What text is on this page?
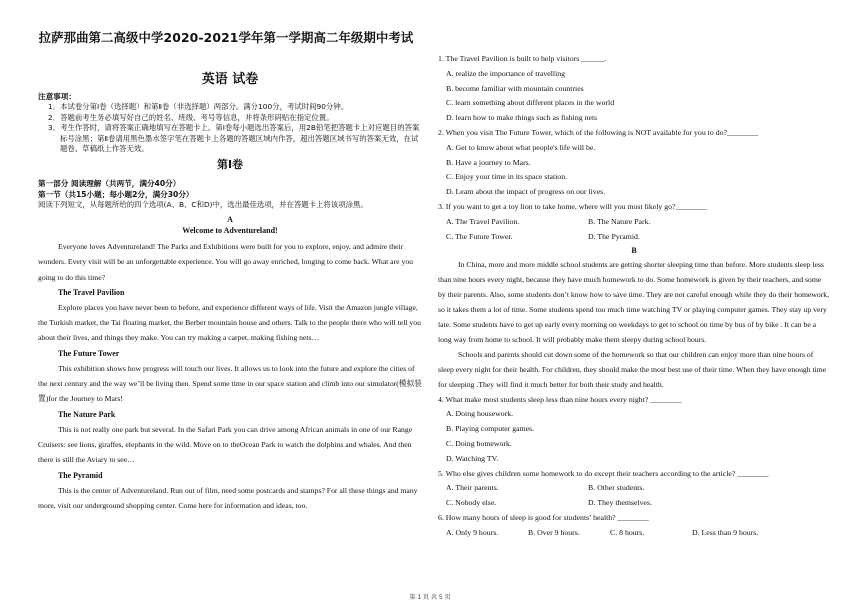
拉萨那曲第二高级中学2020-2021学年第一学期高二年级期中考试
英语 试卷

注意事项：

1．本试卷分第Ⅰ卷（选择题）和第Ⅱ卷（非选择题）两部分。满分100分，考试时间90分钟。

2．答题前考生务必填写好自己的姓名、班级、考号等信息，并将条形码贴在指定位置。

3．考生作答时，请将答案正确地填写在答题卡上。第Ⅰ卷每小题选出答案后，用2B铅笔把答题卡上对应题目的答案标号涂黑；第Ⅱ卷请用黑色墨水签字笔在答题卡上各题的答题区域内作答，超出答题区域书写的答案无效，在试题卷、草稿纸上作答无效。

第Ⅰ卷

第一部分 阅读理解（共两节，满分40分）

第一节（共15小题；每小题2分，满分30分）

阅读下列短文，从每题所给的四个选项(A、B、C和D)中，选出最佳选项，并在答题卡上将该项涂黑。

A

Welcome to Adventureland!

Everyone loves Adventureland! The Parks and Exhibitions were built for you to explore, enjoy, and admire their wonders. Every visit will be an unforgettable experience. You will go away enriched, longing to come back. What are you going to do this time?

The Travel Pavilion

Explore places you have never been to before, and experience different ways of life. Visit the Amazon jungle village, the Turkish market, the Tai floating market, the Berber mountain house and others. Talk to the people there who will tell you about their lives, and things they make. You can try making a carpet, making fishing nets…

The Future Tower

This exhibition shows how progress will touch our lives. It allows us to look into the future and explore the cities of the next century and the way we’ll be living then. Spend some time in our space station and climb into our simulator(模拟装置)for the Journey to Mars!

The Nature Park

This is not really one park but several. In the Safari Park you can drive among African animals in one of our Range Cruisers: see lions, giraffes, elephants in the wild. Move on to theOcean Park to watch the dolphins and whales. And then there is still the Aviary to see…

The Pyramid

This is the center of Adventureland. Run out of film, need some postcards and stamps? For all these things and many more, visit our underground shopping center. Come here for information and ideas, too.

1. The Travel Pavilion is built to help visitors ______.

A. realize the importance of travelling

B. become familiar with mountain countries

C. learn something about different places in the world

D. learn how to make things such as fishing nets

2. When you visit The Future Tower, which of the following is NOT available for you to do?________

A. Get to know about what people's life will be.

B. Have a journey to Mars.

C. Enjoy your time in its space station.

D. Learn about the impact of progress on our lives.

3. If you want to get a toy lion to take home, where will you most likely go?________

A. The Travel Pavilion.	B. The Nature Park.
C. The Future Tower.	D. The Pyramid.

B

In China, more and more middle school students are getting shorter sleeping time than before. More students sleep less than nine hours every night, because they have much homework to do. Some homework is given by their teachers, and some by their parents. Also, some students don’t know how to save time. They are not careful enough while they do their homework, so it takes them a lot of time. Some students spend too much time watching TV or playing computer games. They stay up very late. Some students have to get up early every morning on weekdays to get to school on time by bus of by bike . It can be a long way from home to school. It will probably make them sleepy during school hours.

Schools and parents should cut down some of the homework so that our children can enjoy more than nine hours of sleep every night for their health. For children, they should make the most best use of their time. When they have enough time for sleeping .They will find it much better for both their study and health.

4. What make most students sleep less than nine hours every night? ________

A. Doing housework.

B. Playing computer games.

C. Doing homework.

D. Watching TV.

5. Who else gives children some homework to do except their teachers according to the article? ________

A. Their parents.	B. Other students.
C. Nobody else.	D. They themselves.

6. How many hours of sleep is good for students’ health? ________

A. Only 9 hours.	B. Over 9 hours.	C. 8 hours.	D. Less than 9 hours.
第 1 页 共 5 页
